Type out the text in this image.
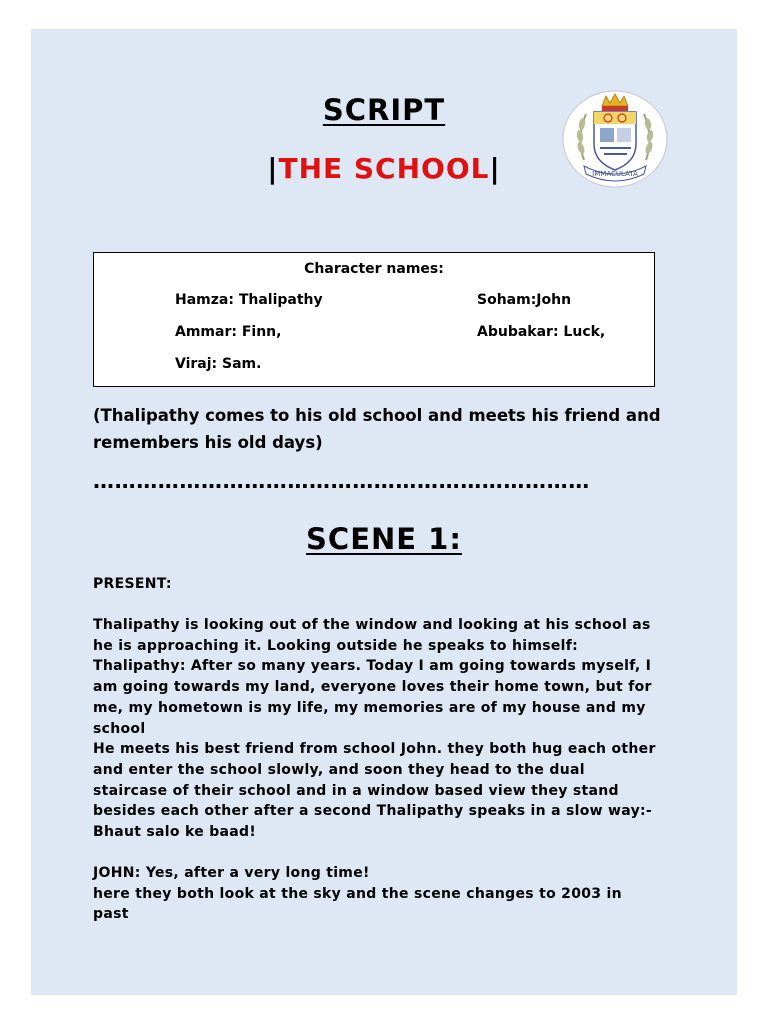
SCRIPT
|THE SCHOOL|	IMMACULATA
Character names:
Hamza: Thalipathy	Soham:John
Ammar: Finn,	Abubakar: Luck,
Viraj: Sam.
(Thalipathy comes to his old school and meets his friend and remembers his old days)
……………………………………………………………
SCENE 1:
PRESENT:
Thalipathy is looking out of the window and looking at his school as
he is approaching it. Looking outside he speaks to himself:
Thalipathy: After so many years. Today I am going towards myself, I
am going towards my land, everyone loves their home town, but for
me, my hometown is my life, my memories are of my house and my
school
He meets his best friend from school John. they both hug each other
and enter the school slowly, and soon they head to the dual
staircase of their school and in a window based view they stand
besides each other after a second Thalipathy speaks in a slow way:-
Bhaut salo ke baad!
JOHN: Yes, after a very long time!
here they both look at the sky and the scene changes to 2003 in
past
